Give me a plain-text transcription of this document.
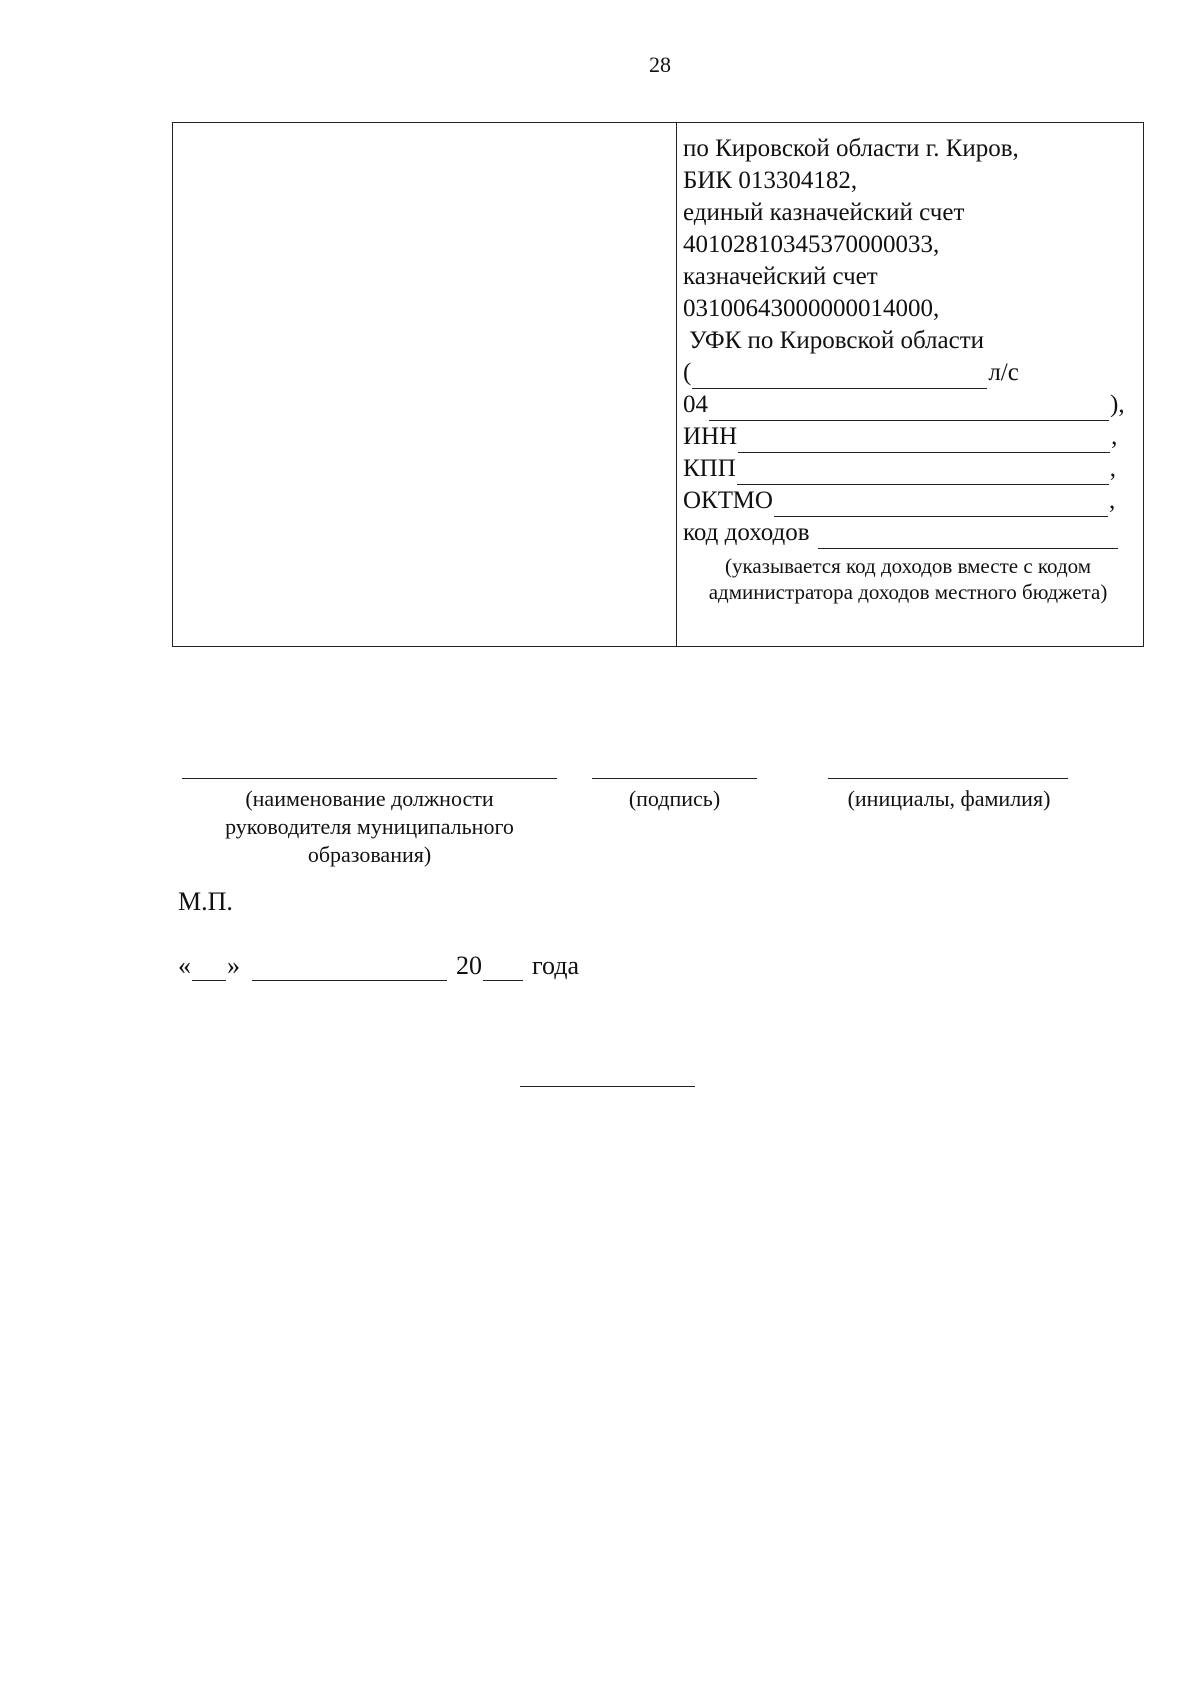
28
по Кировской области г. Киров,
БИК 013304182,
единый казначейский счет
40102810345370000033,
казначейский счет
03100643000000014000,
УФК по Кировской области
(	л/с
04	),
ИНН	,
КПП	,
ОКТМО	,
код доходов
(указывается код доходов вместе с кодом администратора доходов местного бюджета)
(наименование должности руководителя муниципального образования)
(подпись)	(инициалы, фамилия)
М.П.
« »	20 года
